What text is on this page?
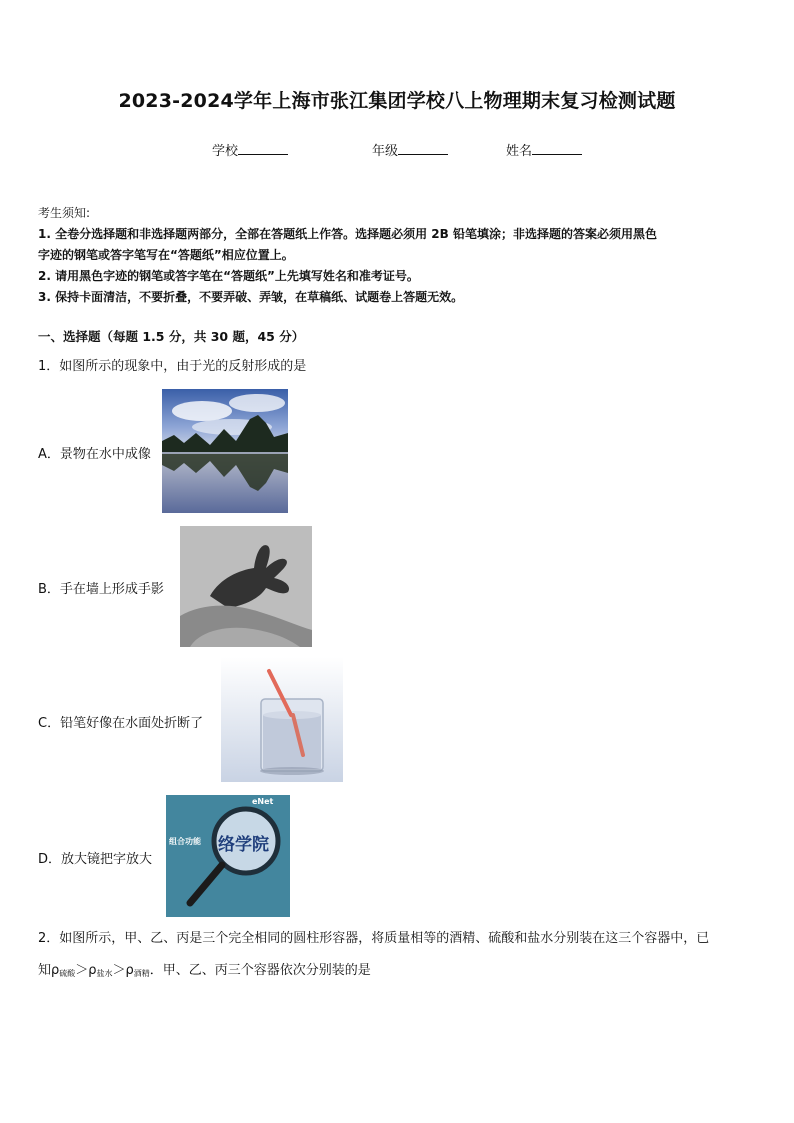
2023-2024学年上海市张江集团学校八上物理期末复习检测试题
学校	年级	姓名
考生须知:
1. 全卷分选择题和非选择题两部分，全部在答题纸上作答。选择题必须用 2B 铅笔填涂；非选择题的答案必须用黑色
字迹的钢笔或答字笔写在“答题纸”相应位置上。
2. 请用黑色字迹的钢笔或答字笔在“答题纸”上先填写姓名和准考证号。
3. 保持卡面清洁，不要折叠，不要弄破、弄皱，在草稿纸、试题卷上答题无效。
一、选择题（每题 1.5 分，共 30 题，45 分）
1．如图所示的现象中，由于光的反射形成的是
A．景物在水中成像
B．手在墙上形成手影
C．铅笔好像在水面处折断了
D．放大镜把字放大
组合功能 络学院
eNet
2．如图所示，甲、乙、丙是三个完全相同的圆柱形容器，将质量相等的酒精、硫酸和盐水分别装在这三个容器中，已
知$\rho_{硫酸}>\rho_{盐水}>\rho_{酒精}$．甲、乙、丙三个容器依次分别装的是
